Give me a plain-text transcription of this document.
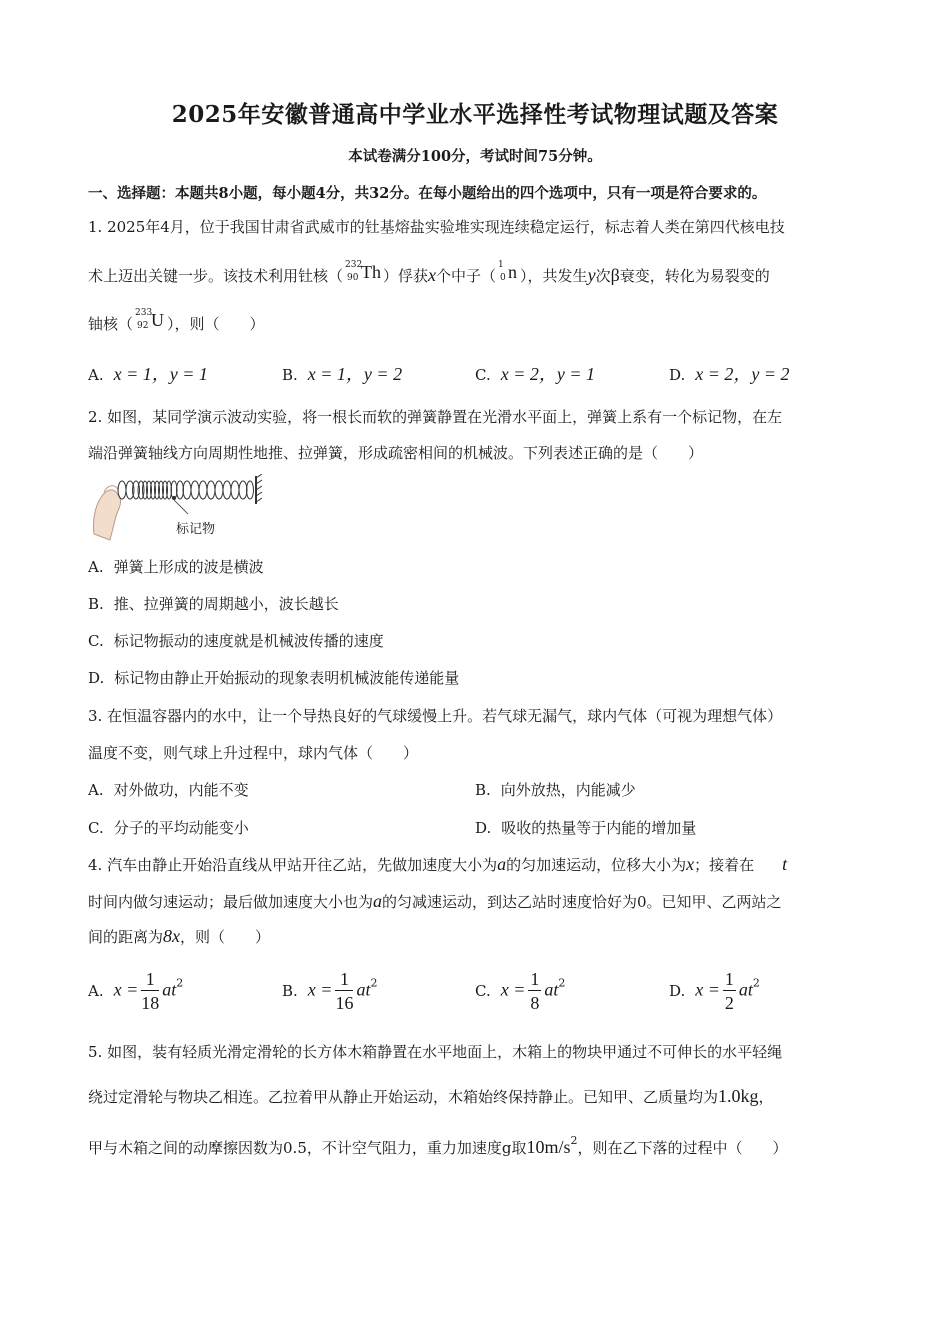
2025年安徽普通高中学业水平选择性考试物理试题及答案
本试卷满分100分，考试时间75分钟。
一、选择题：本题共8小题，每小题4分，共32分。在每小题给出的四个选项中，只有一项是符合要求的。
1. 2025年4月，位于我国甘肃省武威市的钍基熔盐实验堆实现连续稳定运行，标志着人类在第四代核电技
术上迈出关键一步。该技术利用钍核（
232
90 Th ）俘获x个中子（
1
0 n ），共发生y次β衰变，转化为易裂变的
铀核（
233
92 U ），则（　　）
A. x = 1，y = 1	B. x = 1，y = 2	C. x = 2，y = 1	D. x = 2，y = 2
2. 如图，某同学演示波动实验，将一根长而软的弹簧静置在光滑水平面上，弹簧上系有一个标记物，在左
端沿弹簧轴线方向周期性地推、拉弹簧，形成疏密相间的机械波。下列表述正确的是（　　）
标记物
A. 弹簧上形成的波是横波
B. 推、拉弹簧的周期越小，波长越长
C. 标记物振动的速度就是机械波传播的速度
D. 标记物由静止开始振动的现象表明机械波能传递能量
3. 在恒温容器内的水中，让一个导热良好的气球缓慢上升。若气球无漏气，球内气体（可视为理想气体）
温度不变，则气球上升过程中，球内气体（　　）
A. 对外做功，内能不变	B. 向外放热，内能减少
C. 分子的平均动能变小	D. 吸收的热量等于内能的增加量
4. 汽车由静止开始沿直线从甲站开往乙站，先做加速度大小为a的匀加速运动，位移大小为x；接着在 t
时间内做匀速运动；最后做加速度大小也为a的匀减速运动，到达乙站时速度恰好为0。已知甲、乙两站之
间的距离为8x，则（　　）
A. $x = \frac{1}{18} at^2$	B. $x = \frac{1}{16} at^2$	C. $x = \frac{1}{8} at^2$	D. $x = \frac{1}{2} at^2$
5. 如图，装有轻质光滑定滑轮的长方体木箱静置在水平地面上，木箱上的物块甲通过不可伸长的水平轻绳
绕过定滑轮与物块乙相连。乙拉着甲从静止开始运动，木箱始终保持静止。已知甲、乙质量均为1.0kg，
甲与木箱之间的动摩擦因数为0.5，不计空气阻力，重力加速度g取$10m/s^2$，则在乙下落的过程中（　　）
